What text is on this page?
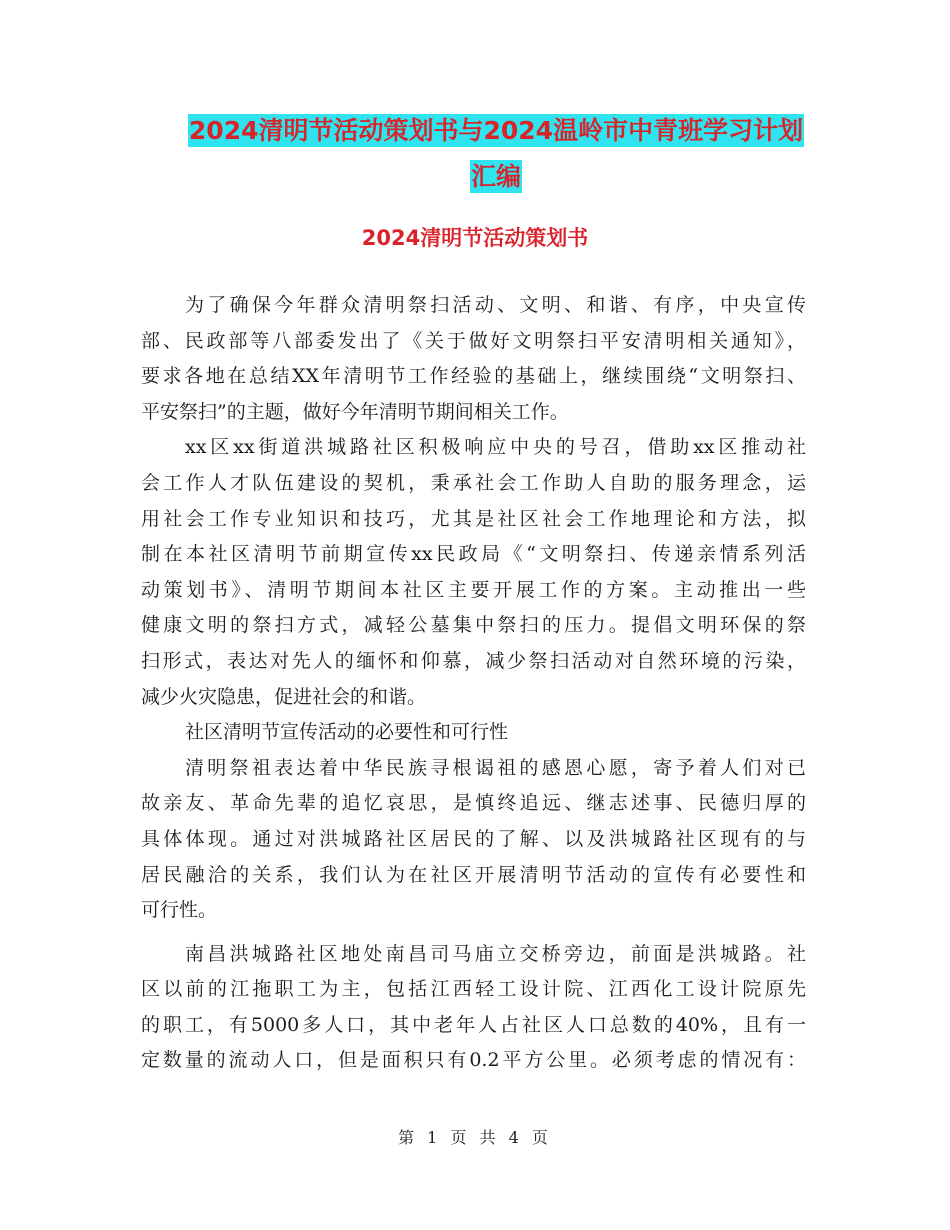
2024清明节活动策划书与2024温岭市中青班学习计划
汇编
2024清明节活动策划书
为了确保今年群众清明祭扫活动、文明、和谐、有序，中央宣传
部、民政部等八部委发出了《关于做好文明祭扫平安清明相关通知》，
要求各地在总结XX年清明节工作经验的基础上，继续围绕“文明祭扫、
平安祭扫”的主题，做好今年清明节期间相关工作。
xx区xx街道洪城路社区积极响应中央的号召，借助xx区推动社
会工作人才队伍建设的契机，秉承社会工作助人自助的服务理念，运
用社会工作专业知识和技巧，尤其是社区社会工作地理论和方法，拟
制在本社区清明节前期宣传xx民政局《“文明祭扫、传递亲情系列活
动策划书》、清明节期间本社区主要开展工作的方案。主动推出一些
健康文明的祭扫方式，减轻公墓集中祭扫的压力。提倡文明环保的祭
扫形式，表达对先人的缅怀和仰慕，减少祭扫活动对自然环境的污染，
减少火灾隐患，促进社会的和谐。
社区清明节宣传活动的必要性和可行性
清明祭祖表达着中华民族寻根谒祖的感恩心愿，寄予着人们对已
故亲友、革命先辈的追忆哀思，是慎终追远、继志述事、民德归厚的
具体体现。通过对洪城路社区居民的了解、以及洪城路社区现有的与
居民融洽的关系，我们认为在社区开展清明节活动的宣传有必要性和
可行性。
南昌洪城路社区地处南昌司马庙立交桥旁边，前面是洪城路。社
区以前的江拖职工为主，包括江西轻工设计院、江西化工设计院原先
的职工，有5000多人口，其中老年人占社区人口总数的40%，且有一
定数量的流动人口，但是面积只有0.2平方公里。必须考虑的情况有：
第 1 页 共 4 页
